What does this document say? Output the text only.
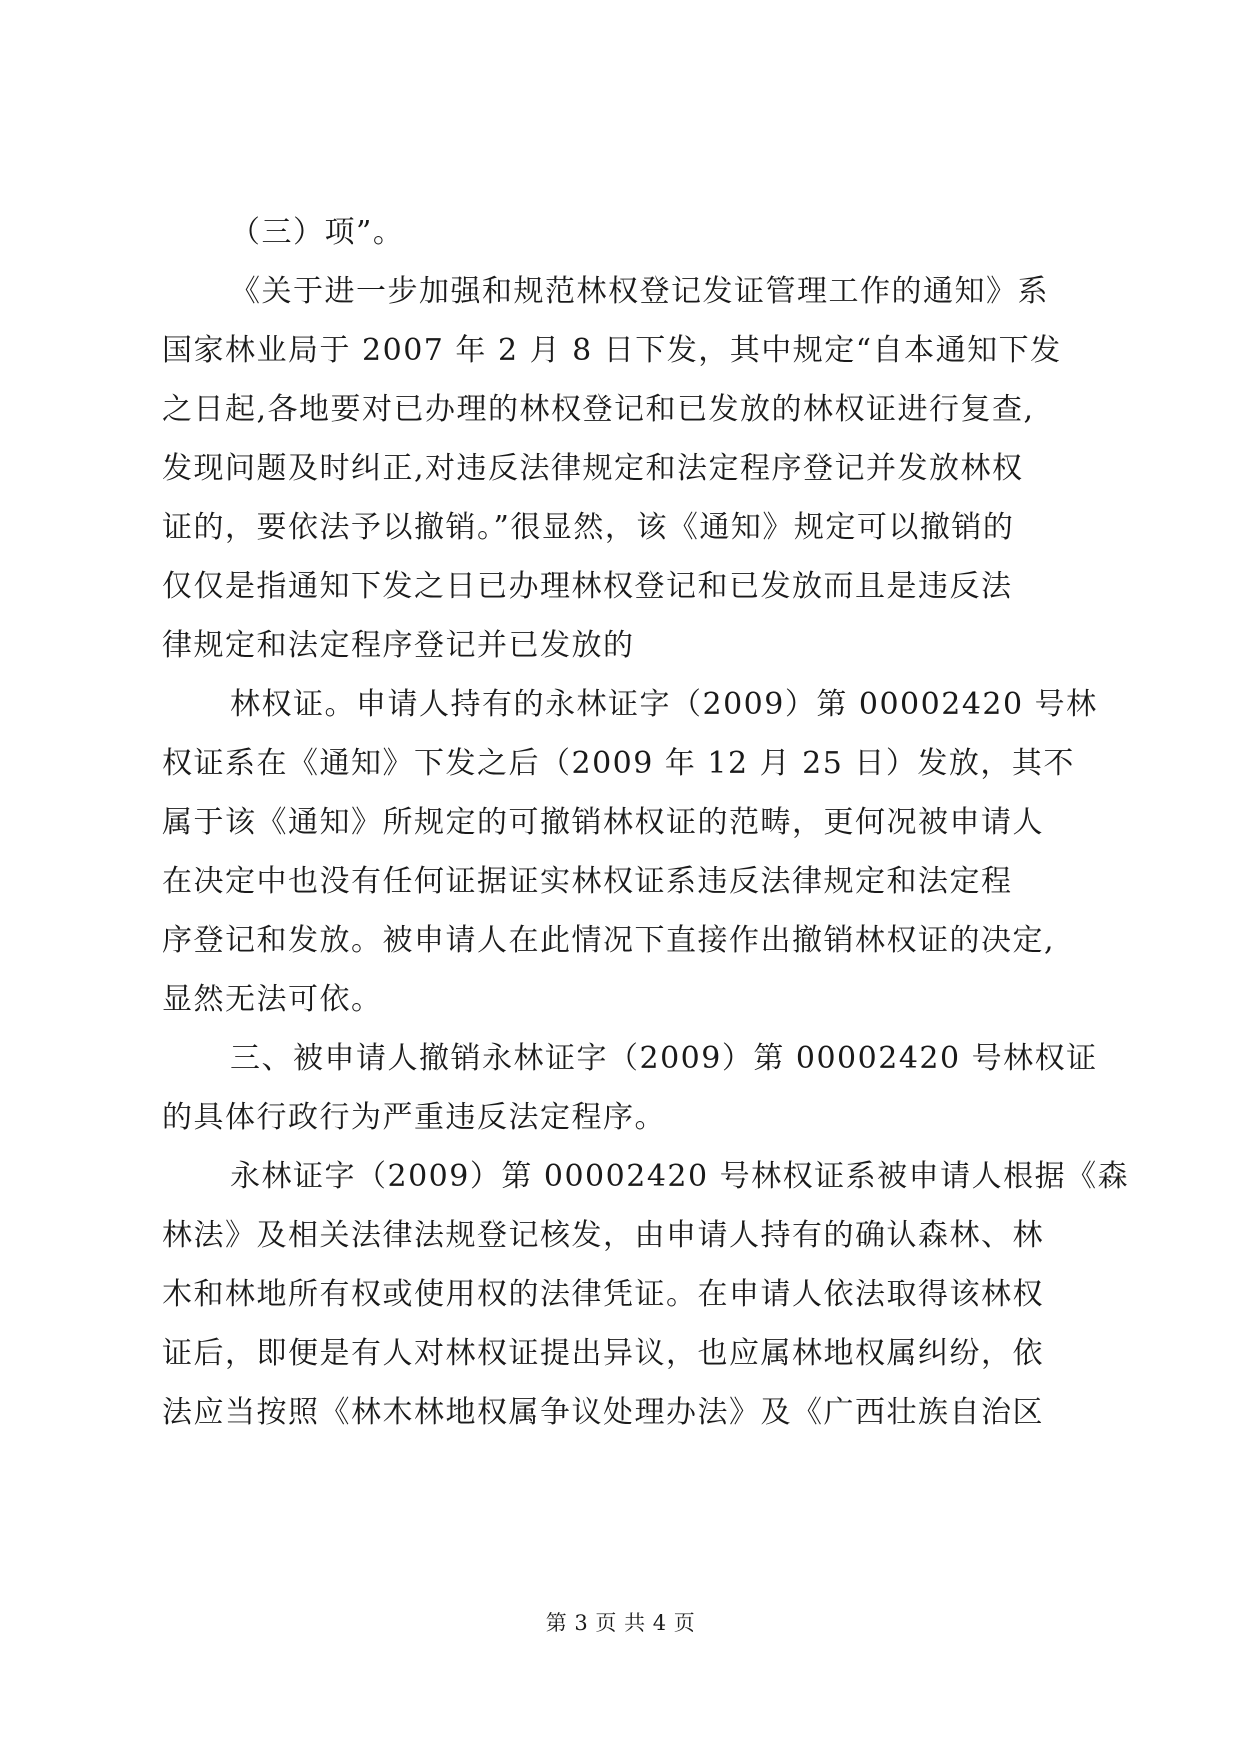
（三）项”。
《关于进一步加强和规范林权登记发证管理工作的通知》系
国家林业局于 2007 年 2 月 8 日下发，其中规定“自本通知下发
之日起,各地要对已办理的林权登记和已发放的林权证进行复查,
发现问题及时纠正,对违反法律规定和法定程序登记并发放林权
证的，要依法予以撤销。”很显然，该《通知》规定可以撤销的
仅仅是指通知下发之日已办理林权登记和已发放而且是违反法
律规定和法定程序登记并已发放的
林权证。申请人持有的永林证字（2009）第 00002420 号林
权证系在《通知》下发之后（2009 年 12 月 25 日）发放，其不
属于该《通知》所规定的可撤销林权证的范畴，更何况被申请人
在决定中也没有任何证据证实林权证系违反法律规定和法定程
序登记和发放。被申请人在此情况下直接作出撤销林权证的决定,
显然无法可依。
三、被申请人撤销永林证字（2009）第 00002420 号林权证
的具体行政行为严重违反法定程序。
永林证字（2009）第 00002420 号林权证系被申请人根据《森
林法》及相关法律法规登记核发，由申请人持有的确认森林、林
木和林地所有权或使用权的法律凭证。在申请人依法取得该林权
证后，即便是有人对林权证提出异议，也应属林地权属纠纷，依
法应当按照《林木林地权属争议处理办法》及《广西壮族自治区
第 3 页 共 4 页
